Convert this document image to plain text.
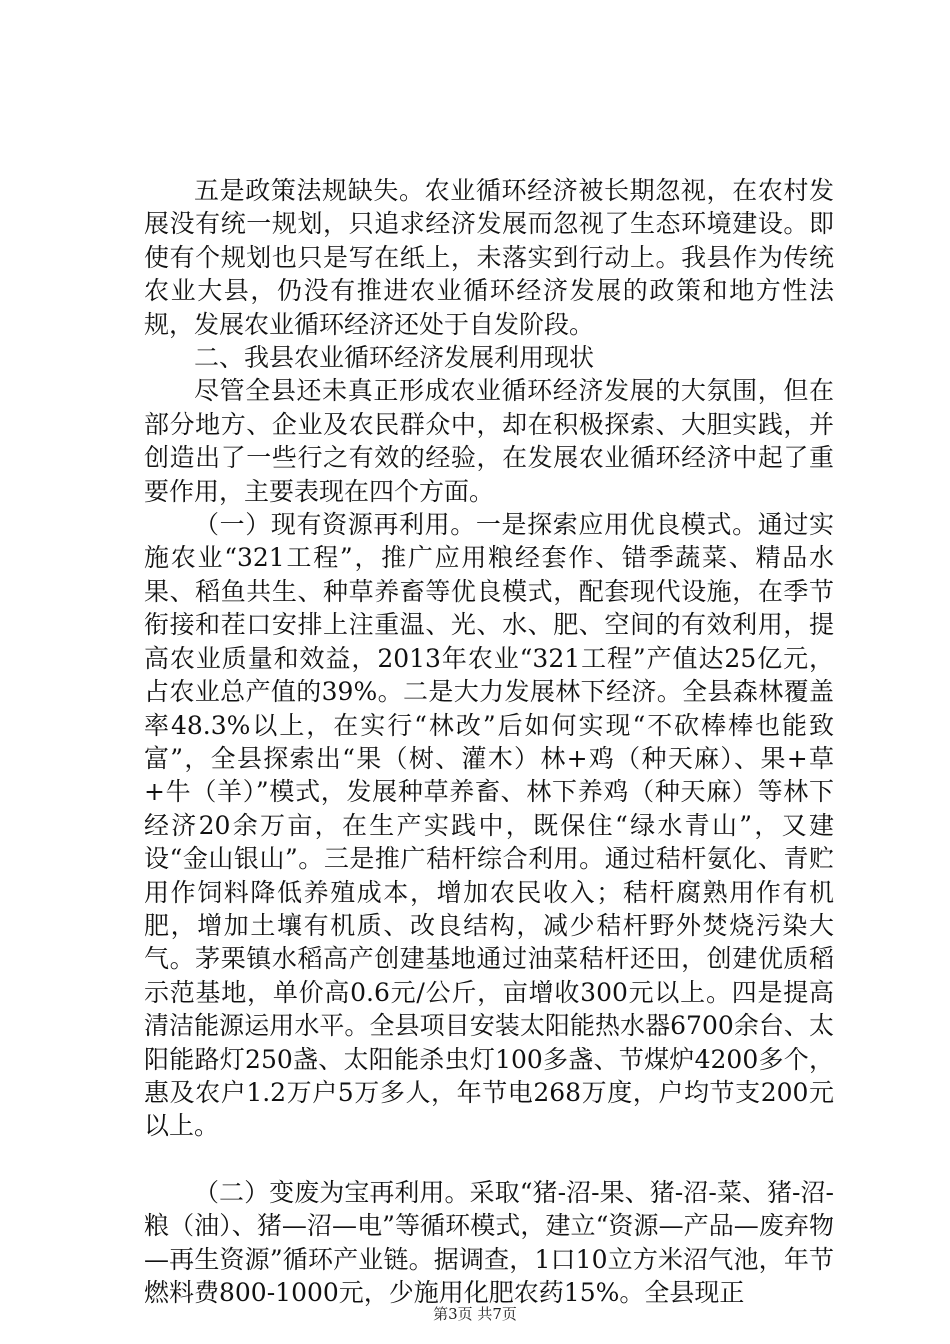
五是政策法规缺失。农业循环经济被长期忽视，在农村发展没有统一规划，只追求经济发展而忽视了生态环境建设。即使有个规划也只是写在纸上，未落实到行动上。我县作为传统农业大县，仍没有推进农业循环经济发展的政策和地方性法规，发展农业循环经济还处于自发阶段。

二、我县农业循环经济发展利用现状

尽管全县还未真正形成农业循环经济发展的大氛围，但在部分地方、企业及农民群众中，却在积极探索、大胆实践，并创造出了一些行之有效的经验，在发展农业循环经济中起了重要作用，主要表现在四个方面。

（一）现有资源再利用。一是探索应用优良模式。通过实施农业“321工程”，推广应用粮经套作、错季蔬菜、精品水果、稻鱼共生、种草养畜等优良模式，配套现代设施，在季节衔接和茬口安排上注重温、光、水、肥、空间的有效利用，提高农业质量和效益，2013年农业“321工程”产值达25亿元，占农业总产值的39%。二是大力发展林下经济。全县森林覆盖率48.3%以上，在实行“林改”后如何实现“不砍棒棒也能致富”，全县探索出“果（树、灌木）林+鸡（种天麻）、果+草+牛（羊）”模式，发展种草养畜、林下养鸡（种天麻）等林下经济20余万亩，在生产实践中，既保住“绿水青山”，又建设“金山银山”。三是推广秸杆综合利用。通过秸杆氨化、青贮用作饲料降低养殖成本，增加农民收入；秸杆腐熟用作有机肥，增加土壤有机质、改良结构，减少秸杆野外焚烧污染大气。茅栗镇水稻高产创建基地通过油菜秸杆还田，创建优质稻示范基地，单价高0.6元/公斤，亩增收300元以上。四是提高清洁能源运用水平。全县项目安装太阳能热水器6700余台、太阳能路灯250盏、太阳能杀虫灯100多盏、节煤炉4200多个，惠及农户1.2万户5万多人，年节电268万度，户均节支200元以上。

（二）变废为宝再利用。采取“猪-沼-果、猪-沼-菜、猪-沼-粮（油）、猪—沼—电”等循环模式，建立“资源—产品—废弃物—再生资源”循环产业链。据调查，1口10立方米沼气池，年节燃料费800-1000元，少施用化肥农药15%。全县现正

第3页 共7页
